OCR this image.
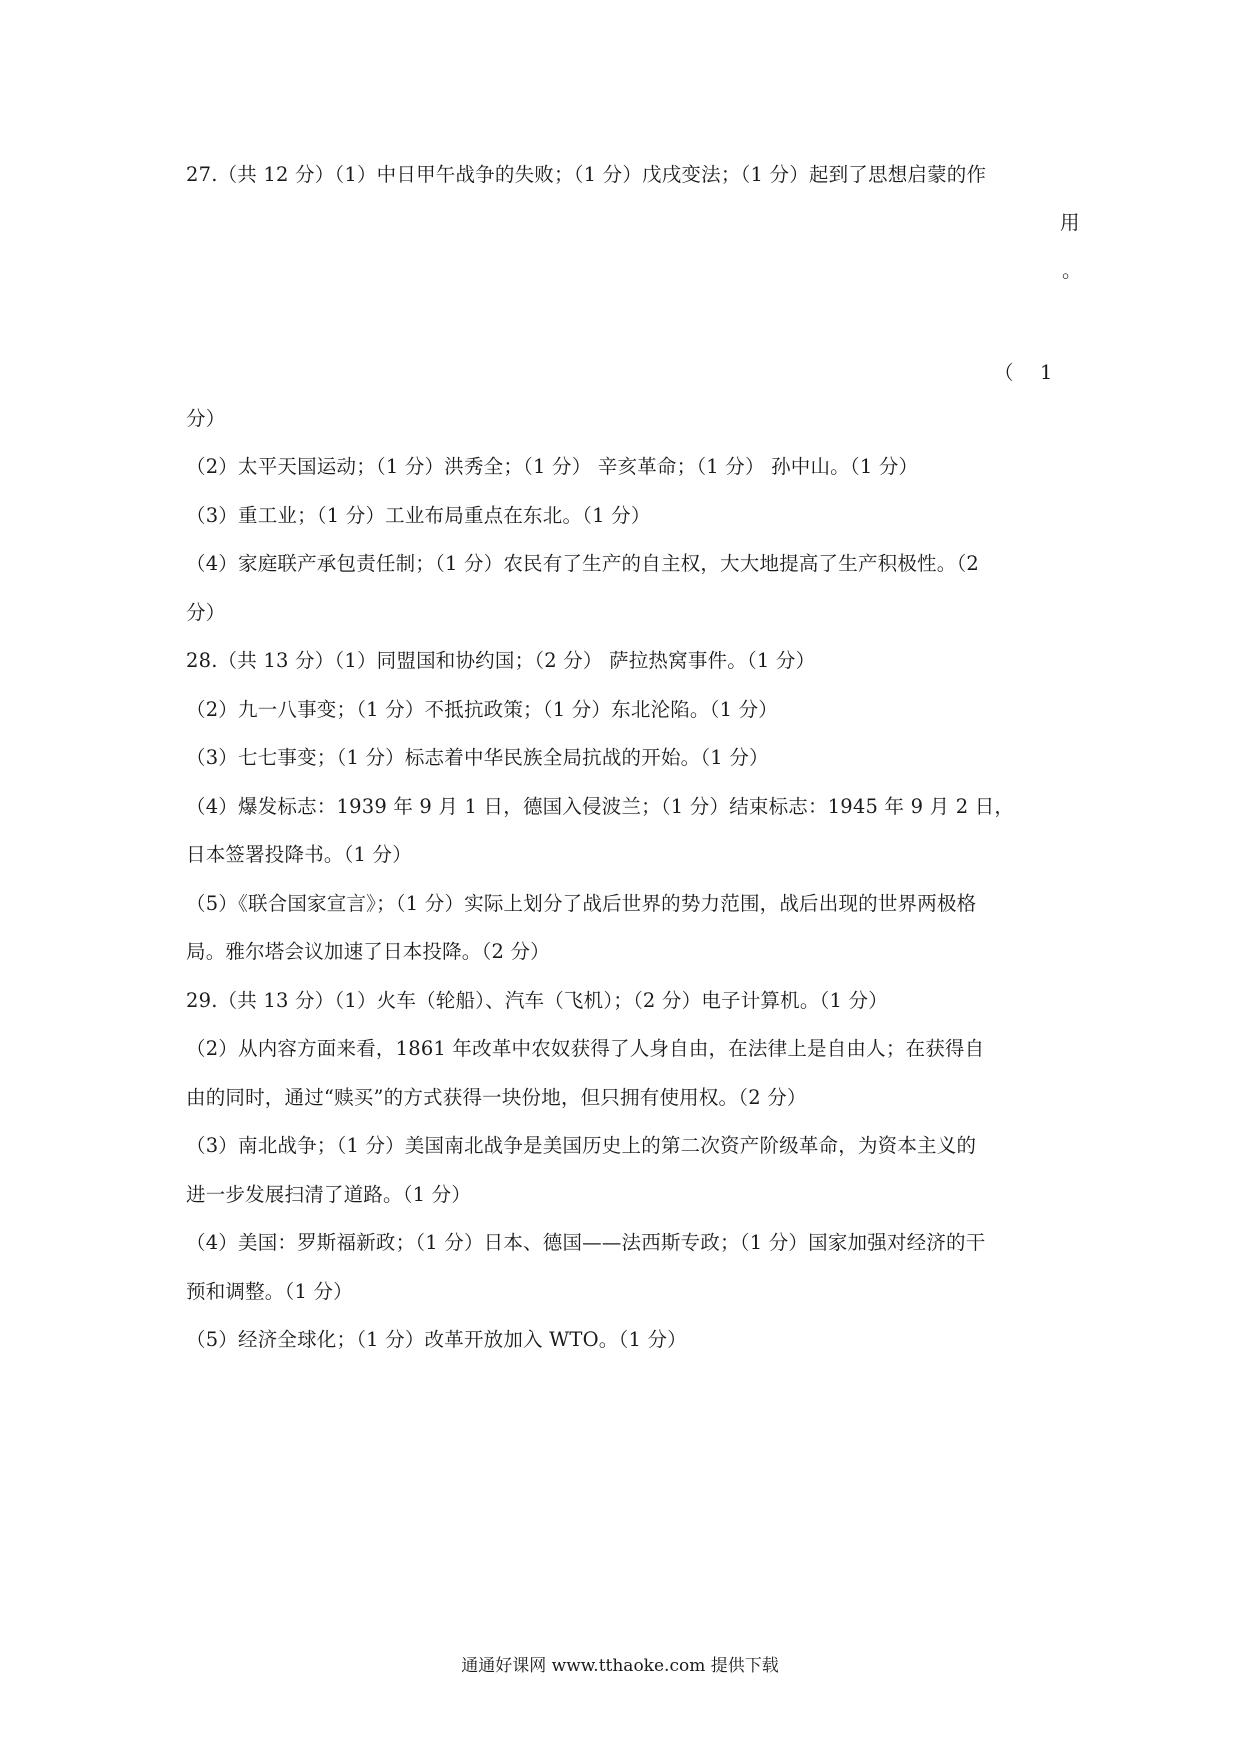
27.（共 12 分）（1）中日甲午战争的失败；（1 分）戊戌变法；（1 分）起到了思想启蒙的作
用
。
（ 1
分）
（2）太平天国运动；（1 分）洪秀全；（1 分） 辛亥革命；（1 分） 孙中山。（1 分）
（3）重工业；（1 分）工业布局重点在东北。（1 分）
（4）家庭联产承包责任制；（1 分）农民有了生产的自主权，大大地提高了生产积极性。（2
分）
28.（共 13 分）（1）同盟国和协约国；（2 分） 萨拉热窝事件。（1 分）
（2）九一八事变；（1 分）不抵抗政策；（1 分）东北沦陷。（1 分）
（3）七七事变；（1 分）标志着中华民族全局抗战的开始。（1 分）
（4）爆发标志：1939 年 9 月 1 日，德国入侵波兰；（1 分）结束标志：1945 年 9 月 2 日，
日本签署投降书。（1 分）
（5）《联合国家宣言》；（1 分）实际上划分了战后世界的势力范围，战后出现的世界两极格
局。雅尔塔会议加速了日本投降。（2 分）
29.（共 13 分）（1）火车（轮船）、汽车（飞机）；（2 分）电子计算机。（1 分）
（2）从内容方面来看，1861 年改革中农奴获得了人身自由，在法律上是自由人；在获得自
由的同时，通过“赎买”的方式获得一块份地，但只拥有使用权。（2 分）
（3）南北战争；（1 分）美国南北战争是美国历史上的第二次资产阶级革命，为资本主义的
进一步发展扫清了道路。（1 分）
（4）美国：罗斯福新政；（1 分）日本、德国——法西斯专政；（1 分）国家加强对经济的干
预和调整。（1 分）
（5）经济全球化；（1 分）改革开放加入 WTO。（1 分）
通通好课网 www.tthaoke.com 提供下载
